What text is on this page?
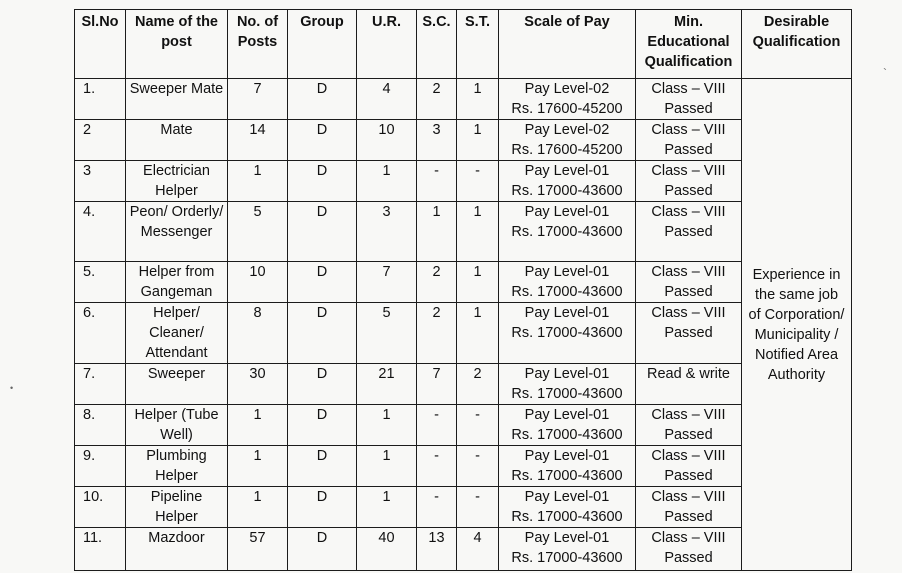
`
•
Sl.No	Name of the post	No. of Posts	Group	U.R.	S.C.	S.T.	Scale of Pay	Min. Educational Qualification	Desirable Qualification
1.	Sweeper Mate	7	D	4	2	1	Pay Level-02
Rs. 17600-45200	Class – VIII Passed	Experience in the same job of Corporation/ Municipality / Notified Area Authority
2	Mate	14	D	10	3	1	Pay Level-02
Rs. 17600-45200	Class – VIII Passed	
3	Electrician Helper	1	D	1	-	-	Pay Level-01
Rs. 17000-43600	Class – VIII Passed	
4.	Peon/ Orderly/ Messenger	5	D	3	1	1	Pay Level-01
Rs. 17000-43600	Class – VIII Passed	
5.	Helper from Gangeman	10	D	7	2	1	Pay Level-01
Rs. 17000-43600	Class – VIII Passed	
6.	Helper/ Cleaner/ Attendant	8	D	5	2	1	Pay Level-01
Rs. 17000-43600	Class – VIII Passed	
7.	Sweeper	30	D	21	7	2	Pay Level-01
Rs. 17000-43600	Read & write	
8.	Helper (Tube Well)	1	D	1	-	-	Pay Level-01
Rs. 17000-43600	Class – VIII Passed	
9.	Plumbing Helper	1	D	1	-	-	Pay Level-01
Rs. 17000-43600	Class – VIII Passed	
10.	Pipeline Helper	1	D	1	-	-	Pay Level-01
Rs. 17000-43600	Class – VIII Passed	
11.	Mazdoor	57	D	40	13	4	Pay Level-01
Rs. 17000-43600	Class – VIII Passed	
